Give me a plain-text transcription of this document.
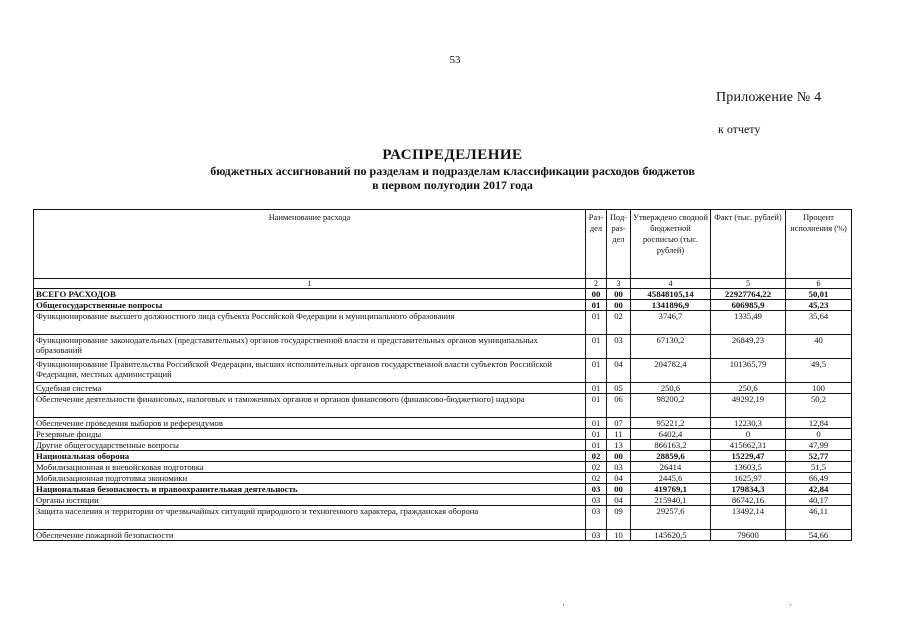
53
Приложение № 4
к отчету
РАСПРЕДЕЛЕНИЕ
бюджетных ассигнований по разделам и подразделам классификации расходов бюджетов
в первом полугодии 2017 года
Наименование расхода	Раз-дел	Под-раз-дел	Утверждено сводной бюджетной росписью (тыс. рублей)	Факт (тыс. рублей)	Процент исполнения (%)
1	2	3	4	5	6
ВСЕГО РАСХОДОВ	00	00	45848105,14	22927764,22	50,01
Общегосударственные вопросы	01	00	1341896,9	606985,9	45,23
Функционирование высшего должностного лица субъекта Российской Федерации и муниципального образования	01	02	3746,7	1335,49	35,64
Функционирование законодательных (представительных) органов государственной власти и представительных органов муниципальных образований	01	03	67130,2	26849,23	40
Функционирование Правительства Российской Федерации, высших исполнительных органов государственной власти субъектов Российской Федерации, местных администраций	01	04	204782,4	101365,79	49,5
Судебная система	01	05	250,6	250,6	100
Обеспечение деятельности финансовых, налоговых и таможенных органов и органов финансового (финансово-бюджетного) надзора	01	06	98200,2	49292,19	50,2
Обеспечение проведения выборов и референдумов	01	07	95221,2	12230,3	12,84
Резервные фонды	01	11	6402,4	0	0
Другие общегосударственные вопросы	01	13	866163,2	415662,31	47,99
Национальная оборона	02	00	28859,6	15229,47	52,77
Мобилизационная и вневойсковая подготовка	02	03	26414	13603,5	51,5
Мобилизационная подготовка экономики	02	04	2445,6	1625,97	66,49
Национальная безопасность и правоохранительная деятельность	03	00	419769,1	179834,3	42,84
Органы юстиции	03	04	215940,1	86742,16	40,17
Защита населения и территории от чрезвычайных ситуаций природного и техногенного характера, гражданская оборона	03	09	29257,6	13492,14	46,11
Обеспечение пожарной безопасности	03	10	145620,5	79600	54,66
·	·
